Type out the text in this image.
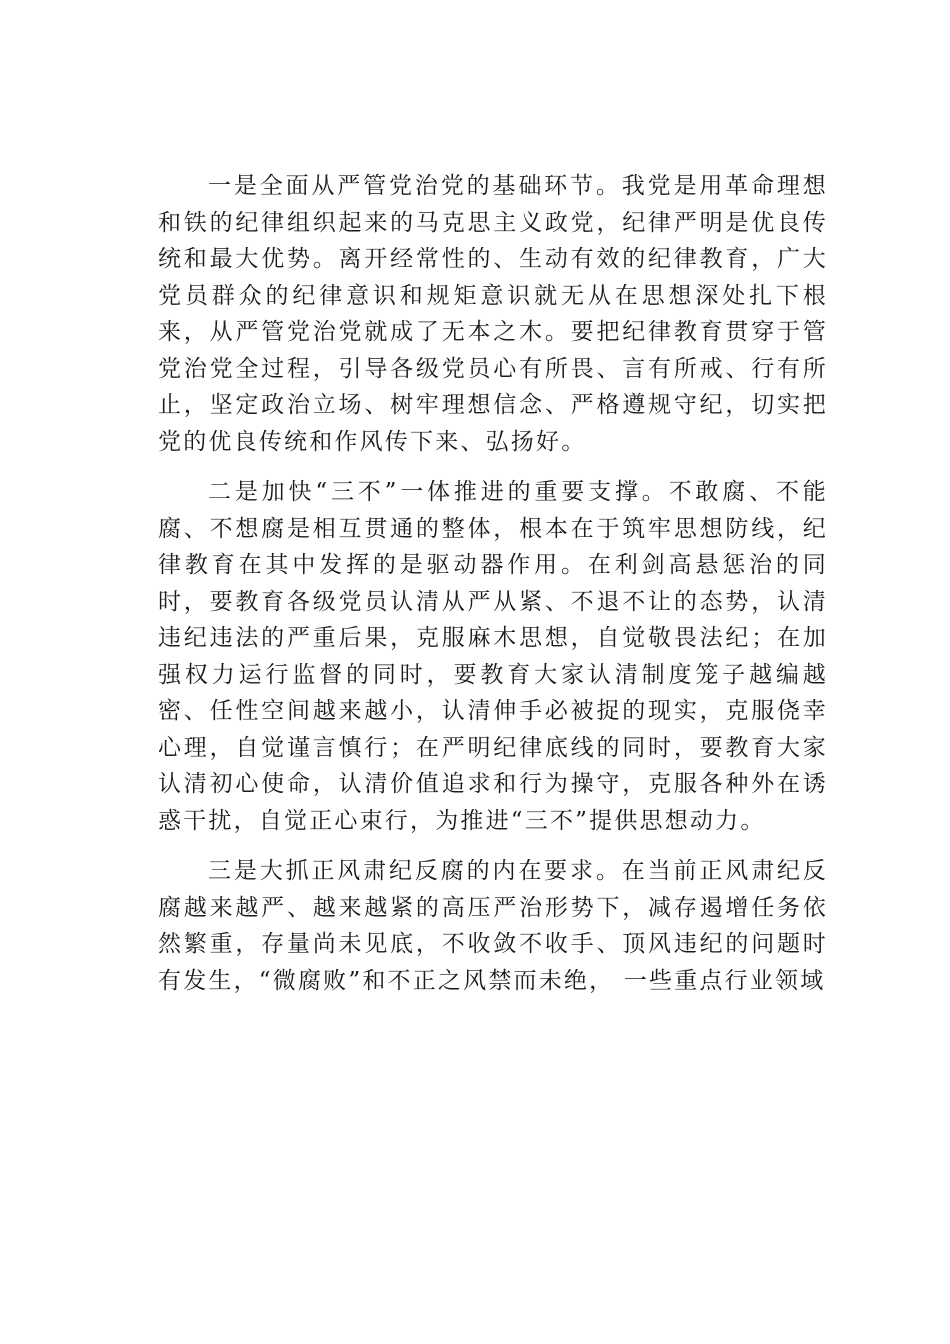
一是全面从严管党治党的基础环节。我党是用革命理想和铁的纪律组织起来的马克思主义政党，纪律严明是优良传统和最大优势。离开经常性的、生动有效的纪律教育，广大党员群众的纪律意识和规矩意识就无从在思想深处扎下根来，从严管党治党就成了无本之木。要把纪律教育贯穿于管党治党全过程，引导各级党员心有所畏、言有所戒、行有所止，坚定政治立场、树牢理想信念、严格遵规守纪，切实把党的优良传统和作风传下来、弘扬好。

二是加快“三不”一体推进的重要支撑。不敢腐、不能腐、不想腐是相互贯通的整体，根本在于筑牢思想防线，纪律教育在其中发挥的是驱动器作用。在利剑高悬惩治的同时，要教育各级党员认清从严从紧、不退不让的态势，认清违纪违法的严重后果，克服麻木思想，自觉敬畏法纪；在加强权力运行监督的同时，要教育大家认清制度笼子越编越密、任性空间越来越小，认清伸手必被捉的现实，克服侥幸心理，自觉谨言慎行；在严明纪律底线的同时，要教育大家认清初心使命，认清价值追求和行为操守，克服各种外在诱惑干扰，自觉正心束行，为推进“三不”提供思想动力。

三是大抓正风肃纪反腐的内在要求。在当前正风肃纪反腐越来越严、越来越紧的高压严治形势下，减存遏增任务依然繁重，存量尚未见底，不收敛不收手、顶风违纪的问题时有发生，“微腐败”和不正之风禁而未绝， 一些重点行业领域
